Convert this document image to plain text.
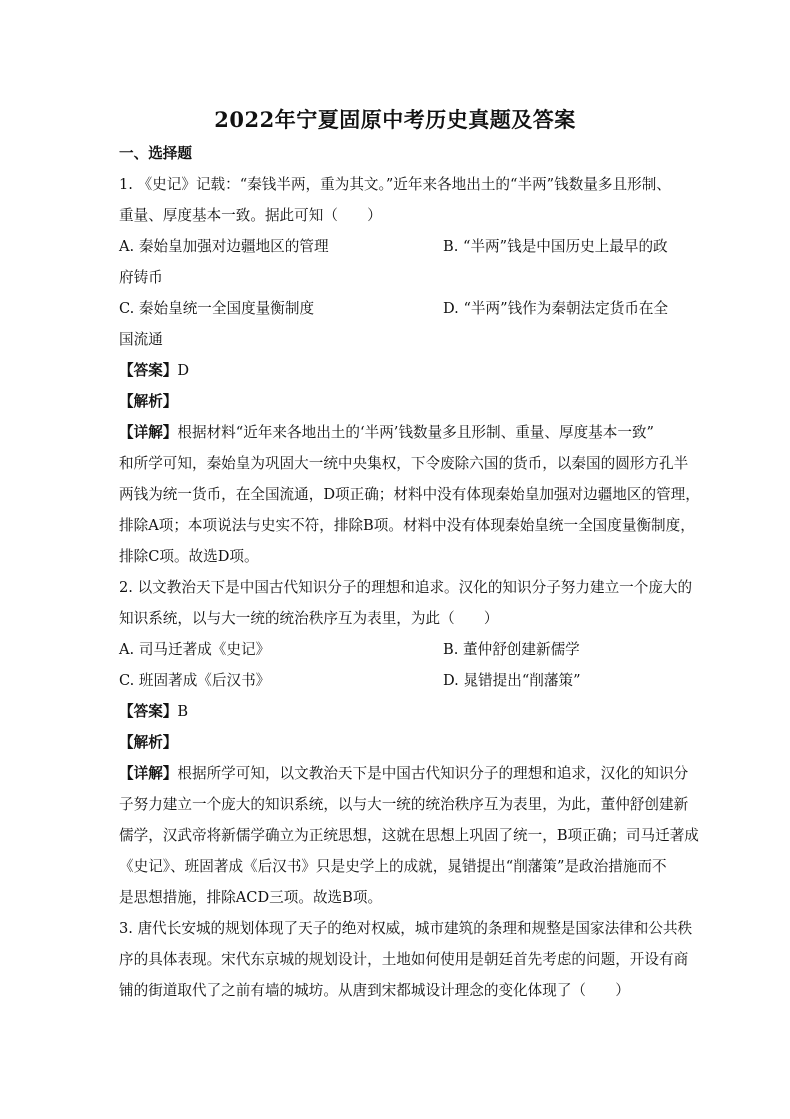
2022年宁夏固原中考历史真题及答案
一、选择题
1. 《史记》记载：“秦钱半两，重为其文。”近年来各地出土的“半两”钱数量多且形制、
重量、厚度基本一致。据此可知（　　）
A. 秦始皇加强对边疆地区的管理	B. “半两”钱是中国历史上最早的政
府铸币
C. 秦始皇统一全国度量衡制度	D. “半两”钱作为秦朝法定货币在全
国流通
【答案】D
【解析】
【详解】根据材料“近年来各地出土的‘半两’钱数量多且形制、重量、厚度基本一致”
和所学可知，秦始皇为巩固大一统中央集权，下令废除六国的货币，以秦国的圆形方孔半
两钱为统一货币，在全国流通，D项正确；材料中没有体现秦始皇加强对边疆地区的管理，
排除A项；本项说法与史实不符，排除B项。材料中没有体现秦始皇统一全国度量衡制度，
排除C项。故选D项。
2. 以文教治天下是中国古代知识分子的理想和追求。汉化的知识分子努力建立一个庞大的
知识系统，以与大一统的统治秩序互为表里，为此（　　）
A. 司马迁著成《史记》	B. 董仲舒创建新儒学
C. 班固著成《后汉书》	D. 晁错提出“削藩策”
【答案】B
【解析】
【详解】根据所学可知，以文教治天下是中国古代知识分子的理想和追求，汉化的知识分
子努力建立一个庞大的知识系统，以与大一统的统治秩序互为表里，为此，董仲舒创建新
儒学，汉武帝将新儒学确立为正统思想，这就在思想上巩固了统一，B项正确；司马迁著成
《史记》、班固著成《后汉书》只是史学上的成就，晁错提出“削藩策”是政治措施而不
是思想措施，排除ACD三项。故选B项。
3. 唐代长安城的规划体现了天子的绝对权威，城市建筑的条理和规整是国家法律和公共秩
序的具体表现。宋代东京城的规划设计，土地如何使用是朝廷首先考虑的问题，开设有商
铺的街道取代了之前有墙的城坊。从唐到宋都城设计理念的变化体现了（　　）
